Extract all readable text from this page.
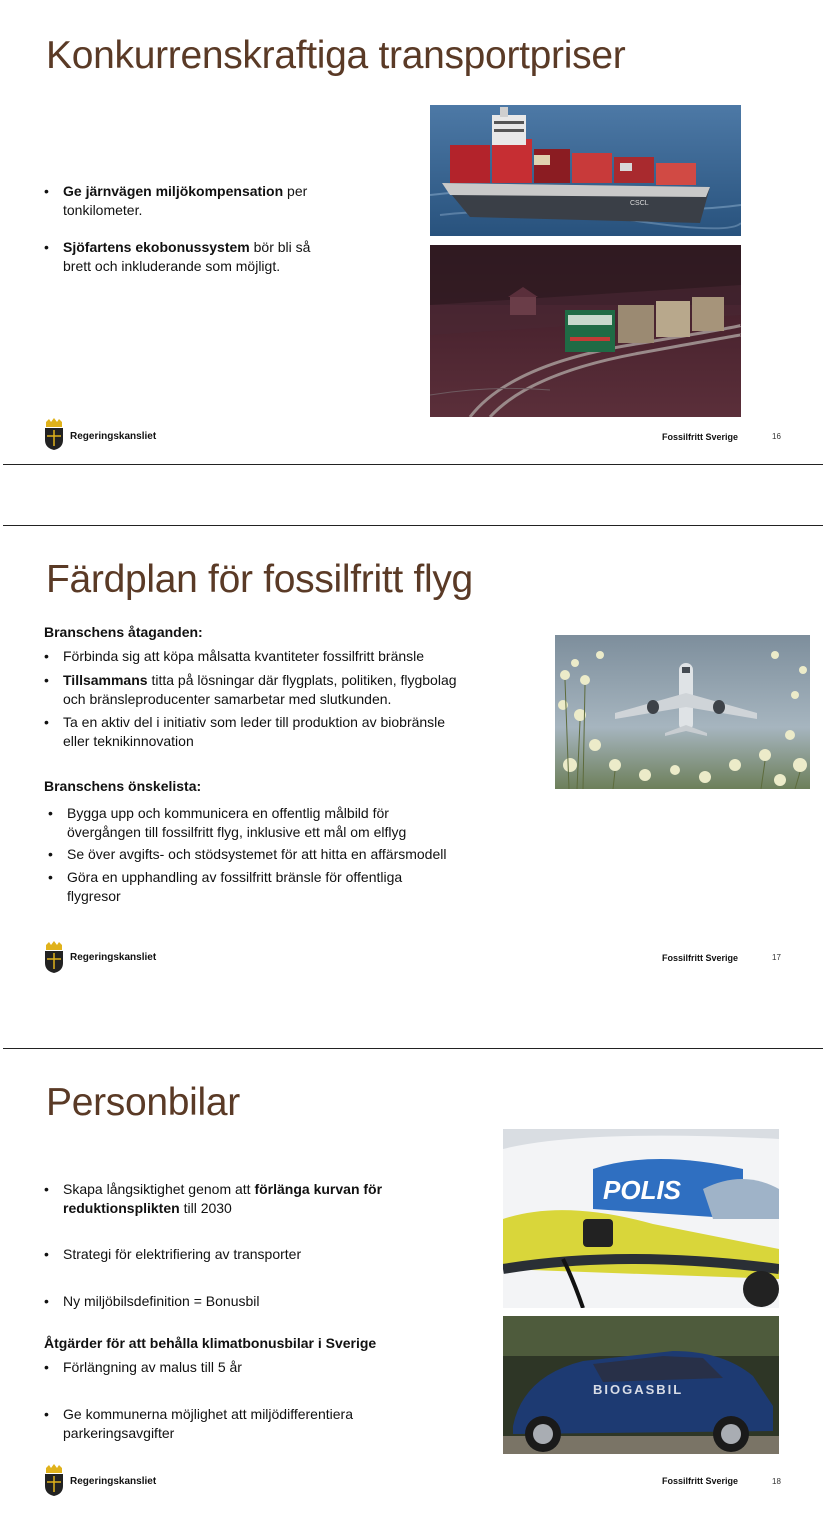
Konkurrenskraftiga transportpriser
• Ge järnvägen miljökompensation per
tonkilometer.
• Sjöfartens ekobonussystem bör bli så
brett och inkluderande som möjligt.
CSCL
Regeringskansliet	Fossilfritt Sverige	16
Färdplan för fossilfritt flyg
Branschens åtaganden:
• Förbinda sig att köpa målsatta kvantiteter fossilfritt bränsle
• Tillsammans titta på lösningar där flygplats, politiken, flygbolag
och bränsleproducenter samarbetar med slutkunden.
• Ta en aktiv del i initiativ som leder till produktion av biobränsle
eller teknikinnovation
Branschens önskelista:
• Bygga upp och kommunicera en offentlig målbild för
övergången till fossilfritt flyg, inklusive ett mål om elflyg
• Se över avgifts- och stödsystemet för att hitta en affärsmodell
• Göra en upphandling av fossilfritt bränsle för offentliga
flygresor
Regeringskansliet	Fossilfritt Sverige	17
Personbilar
• Skapa långsiktighet genom att förlänga kurvan för
reduktionsplikten till 2030
• Strategi för elektrifiering av transporter
• Ny miljöbilsdefinition = Bonusbil
Åtgärder för att behålla klimatbonusbilar i Sverige
• Förlängning av malus till 5 år
• Ge kommunerna möjlighet att miljödifferentiera
parkeringsavgifter
POLIS
BIOGASBIL
Regeringskansliet	Fossilfritt Sverige	18
